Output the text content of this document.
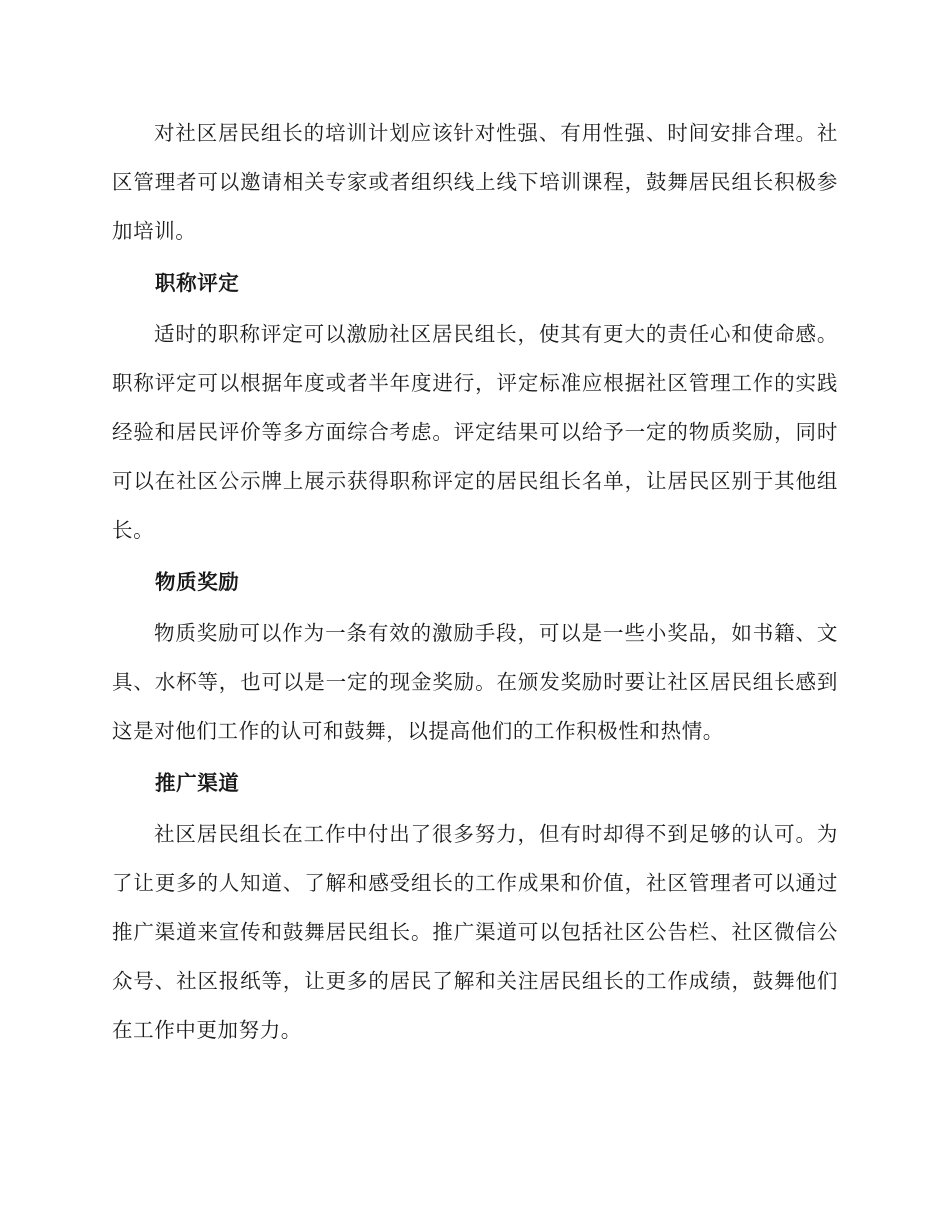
对社区居民组长的培训计划应该针对性强、有用性强、时间安排合理。社区管理者可以邀请相关专家或者组织线上线下培训课程，鼓舞居民组长积极参加培训。

职称评定

适时的职称评定可以激励社区居民组长，使其有更大的责任心和使命感。职称评定可以根据年度或者半年度进行，评定标准应根据社区管理工作的实践经验和居民评价等多方面综合考虑。评定结果可以给予一定的物质奖励，同时可以在社区公示牌上展示获得职称评定的居民组长名单，让居民区别于其他组长。

物质奖励

物质奖励可以作为一条有效的激励手段，可以是一些小奖品，如书籍、文具、水杯等，也可以是一定的现金奖励。在颁发奖励时要让社区居民组长感到这是对他们工作的认可和鼓舞，以提高他们的工作积极性和热情。

推广渠道

社区居民组长在工作中付出了很多努力，但有时却得不到足够的认可。为了让更多的人知道、了解和感受组长的工作成果和价值，社区管理者可以通过推广渠道来宣传和鼓舞居民组长。推广渠道可以包括社区公告栏、社区微信公众号、社区报纸等，让更多的居民了解和关注居民组长的工作成绩，鼓舞他们在工作中更加努力。
